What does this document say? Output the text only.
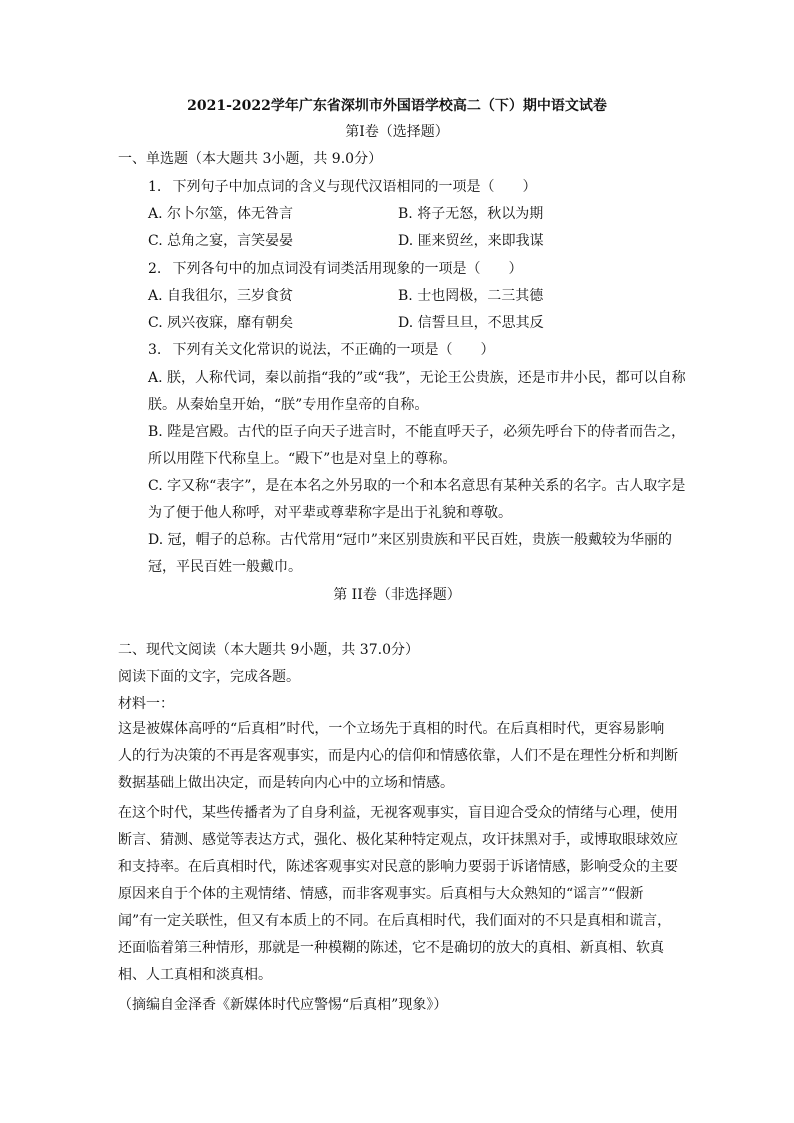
2021-2022学年广东省深圳市外国语学校高二（下）期中语文试卷
第Ⅰ卷（选择题）
一、单选题（本大题共 3小题，共 9.0分）
1. 下列句子中加点词的含义与现代汉语相同的一项是（　　）
A. 尔卜尔筮，体无咎言	B. 将子无怒，秋以为期
C. 总角之宴，言笑晏晏	D. 匪来贸丝，来即我谋
2. 下列各句中的加点词没有词类活用现象的一项是（　　）
A. 自我徂尔，三岁食贫	B. 士也罔极，二三其德
C. 夙兴夜寐，靡有朝矣	D. 信誓旦旦，不思其反
3. 下列有关文化常识的说法，不正确的一项是（　　）
A. 朕，人称代词，秦以前指“我的”或“我”，无论王公贵族，还是市井小民，都可以自称朕。从秦始皇开始，“朕”专用作皇帝的自称。
B. 陛是宫殿。古代的臣子向天子进言时，不能直呼天子，必须先呼台下的侍者而告之，所以用陛下代称皇上。“殿下”也是对皇上的尊称。
C. 字又称“表字”，是在本名之外另取的一个和本名意思有某种关系的名字。古人取字是为了便于他人称呼，对平辈或尊辈称字是出于礼貌和尊敬。
D. 冠，帽子的总称。古代常用“冠巾”来区别贵族和平民百姓，贵族一般戴较为华丽的冠，平民百姓一般戴巾。
第 II卷（非选择题）
二、现代文阅读（本大题共 9小题，共 37.0分）
阅读下面的文字，完成各题。
材料一：
这是被媒体高呼的“后真相”时代，一个立场先于真相的时代。在后真相时代，更容易影响人的行为决策的不再是客观事实，而是内心的信仰和情感依靠，人们不是在理性分析和判断数据基础上做出决定，而是转向内心中的立场和情感。
在这个时代，某些传播者为了自身利益，无视客观事实，盲目迎合受众的情绪与心理，使用断言、猜测、感觉等表达方式，强化、极化某种特定观点，攻讦抹黑对手，或博取眼球效应和支持率。在后真相时代，陈述客观事实对民意的影响力要弱于诉诸情感，影响受众的主要原因来自于个体的主观情绪、情感，而非客观事实。后真相与大众熟知的“谣言”“假新闻”有一定关联性，但又有本质上的不同。在后真相时代，我们面对的不只是真相和谎言，还面临着第三种情形，那就是一种模糊的陈述，它不是确切的放大的真相、新真相、软真相、人工真相和淡真相。
（摘编自金泽香《新媒体时代应警惕“后真相”现象》）
